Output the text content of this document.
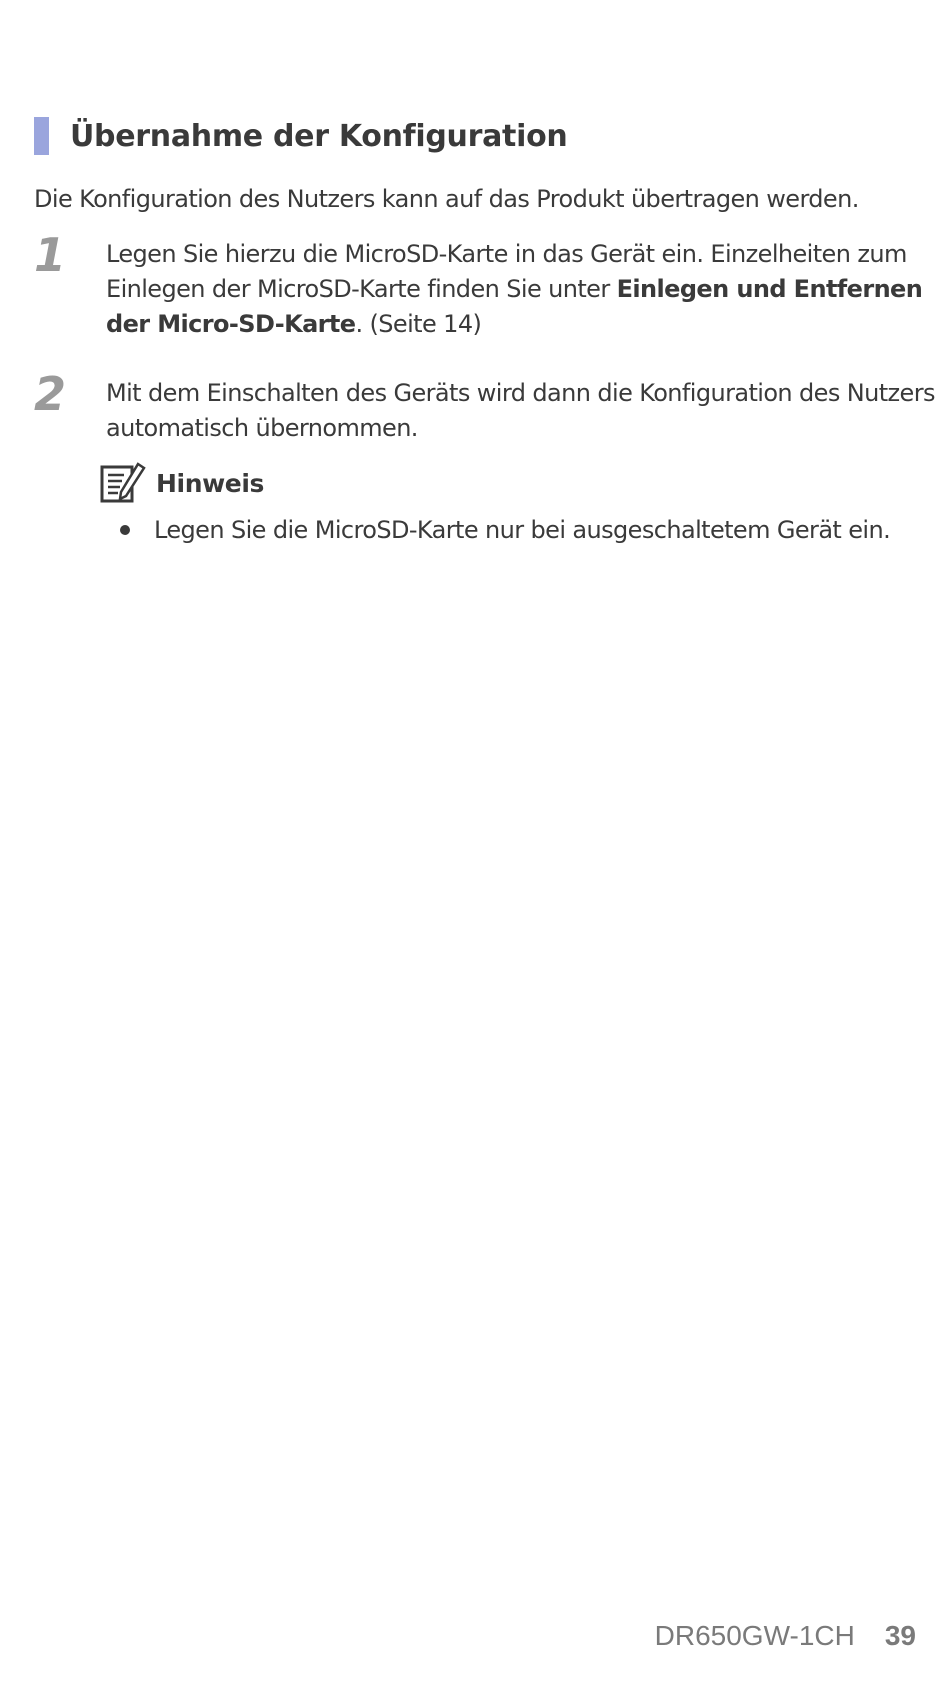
Übernahme der Konfiguration
Die Konfiguration des Nutzers kann auf das Produkt übertragen werden.
1 Legen Sie hierzu die MicroSD-Karte in das Gerät ein. Einzelheiten zum
Einlegen der MicroSD-Karte finden Sie unter Einlegen und Entfernen
der Micro-SD-Karte. (Seite 14)
2 Mit dem Einschalten des Geräts wird dann die Konfiguration des Nutzers
automatisch übernommen.
Hinweis
Legen Sie die MicroSD-Karte nur bei ausgeschaltetem Gerät ein.
DR650GW-1CH 39
